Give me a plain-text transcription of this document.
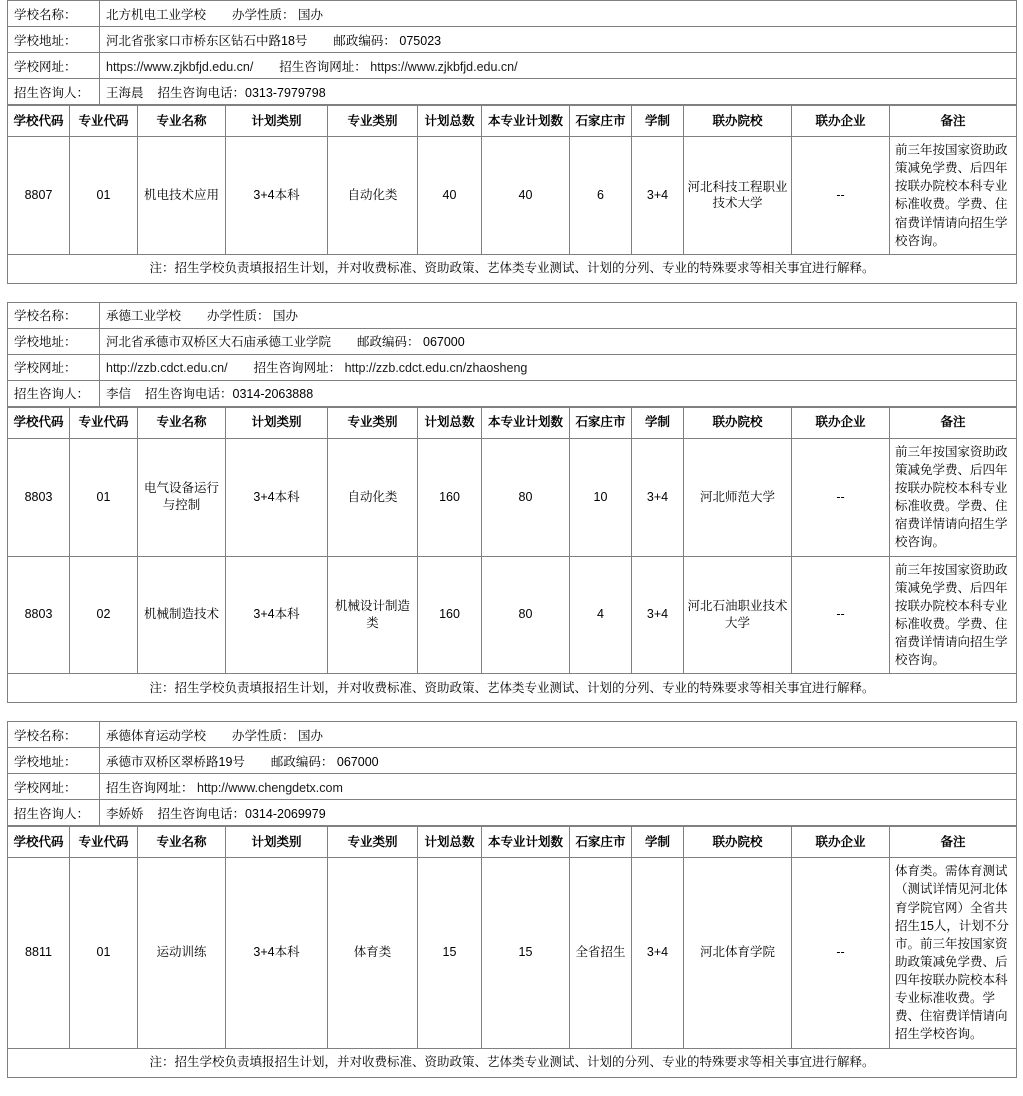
学校名称：	北方机电工业学校 办学性质： 国办
学校地址：	河北省张家口市桥东区钻石中路18号 邮政编码： 075023
学校网址：	https://www.zjkbfjd.edu.cn/ 招生咨询网址： https://www.zjkbfjd.edu.cn/
招生咨询人：	王海晨 招生咨询电话：0313-7979798
学校代码	专业代码	专业名称	计划类别	专业类别	计划总数	本专业计划数	石家庄市	学制	联办院校	联办企业	备注
8807	01	机电技术应用	3+4本科	自动化类	40	40	6	3+4	河北科技工程职业技术大学	--	前三年按国家资助政策减免学费、后四年按联办院校本科专业标准收费。学费、住宿费详情请向招生学校咨询。
注：招生学校负责填报招生计划，并对收费标准、资助政策、艺体类专业测试、计划的分列、专业的特殊要求等相关事宜进行解释。											
学校名称：	承德工业学校 办学性质： 国办
学校地址：	河北省承德市双桥区大石庙承德工业学院 邮政编码： 067000
学校网址：	http://zzb.cdct.edu.cn/ 招生咨询网址： http://zzb.cdct.edu.cn/zhaosheng
招生咨询人：	李信 招生咨询电话：0314-2063888
学校代码	专业代码	专业名称	计划类别	专业类别	计划总数	本专业计划数	石家庄市	学制	联办院校	联办企业	备注
8803	01	电气设备运行与控制	3+4本科	自动化类	160	80	10	3+4	河北师范大学	--	前三年按国家资助政策减免学费、后四年按联办院校本科专业标准收费。学费、住宿费详情请向招生学校咨询。
8803	02	机械制造技术	3+4本科	机械设计制造类	160	80	4	3+4	河北石油职业技术大学	--	前三年按国家资助政策减免学费、后四年按联办院校本科专业标准收费。学费、住宿费详情请向招生学校咨询。
注：招生学校负责填报招生计划，并对收费标准、资助政策、艺体类专业测试、计划的分列、专业的特殊要求等相关事宜进行解释。											
学校名称：	承德体育运动学校 办学性质： 国办
学校地址：	承德市双桥区翠桥路19号 邮政编码： 067000
学校网址：	招生咨询网址： http://www.chengdetx.com
招生咨询人：	李娇娇 招生咨询电话：0314-2069979
学校代码	专业代码	专业名称	计划类别	专业类别	计划总数	本专业计划数	石家庄市	学制	联办院校	联办企业	备注
8811	01	运动训练	3+4本科	体育类	15	15	全省招生	3+4	河北体育学院	--	体育类。需体育测试（测试详情见河北体育学院官网）全省共招生15人，计划不分市。前三年按国家资助政策减免学费、后四年按联办院校本科专业标准收费。学费、住宿费详情请向招生学校咨询。
注：招生学校负责填报招生计划，并对收费标准、资助政策、艺体类专业测试、计划的分列、专业的特殊要求等相关事宜进行解释。											
